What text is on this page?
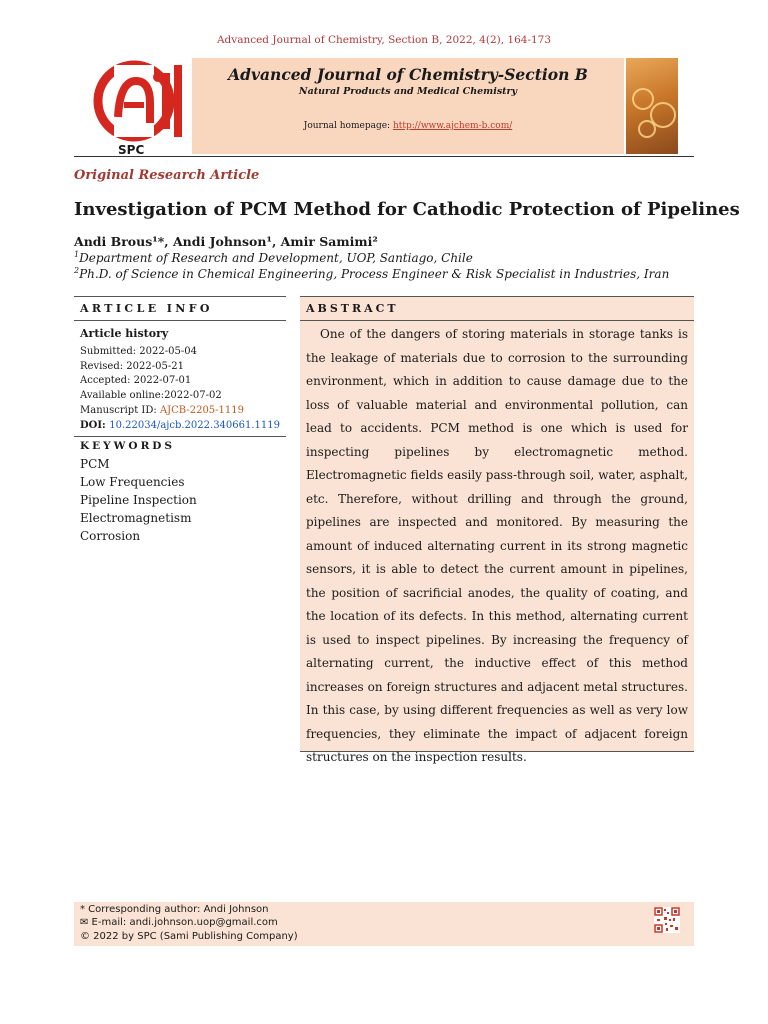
Advanced Journal of Chemistry, Section B, 2022, 4(2), 164-173
SPC
Advanced Journal of Chemistry-Section B
Natural Products and Medical Chemistry
Journal homepage: http://www.ajchem-b.com/
Original Research Article
Investigation of PCM Method for Cathodic Protection of Pipelines
Andi Brous¹*, Andi Johnson¹, Amir Samimi²
$^1$Department of Research and Development, UOP, Santiago, Chile
$^2$Ph.D. of Science in Chemical Engineering, Process Engineer & Risk Specialist in Industries, Iran
ARTICLE INFO
Article history
Submitted: 2022-05-04
Revised: 2022-05-21
Accepted: 2022-07-01
Available online:2022-07-02
Manuscript ID: AJCB-2205-1119
DOI: 10.22034/ajcb.2022.340661.1119
KEYWORDS
PCM
Low Frequencies
Pipeline Inspection
Electromagnetism
Corrosion
ABSTRACT
One of the dangers of storing materials in storage tanks is the leakage of materials due to corrosion to the surrounding environment, which in addition to cause damage due to the loss of valuable material and environmental pollution, can lead to accidents. PCM method is one which is used for inspecting pipelines by electromagnetic method. Electromagnetic fields easily pass-through soil, water, asphalt, etc. Therefore, without drilling and through the ground, pipelines are inspected and monitored. By measuring the amount of induced alternating current in its strong magnetic sensors, it is able to detect the current amount in pipelines, the position of sacrificial anodes, the quality of coating, and the location of its defects. In this method, alternating current is used to inspect pipelines. By increasing the frequency of alternating current, the inductive effect of this method increases on foreign structures and adjacent metal structures. In this case, by using different frequencies as well as very low frequencies, they eliminate the impact of adjacent foreign structures on the inspection results.
* Corresponding author: Andi Johnson
✉ E-mail: andi.johnson.uop@gmail.com
© 2022 by SPC (Sami Publishing Company)
